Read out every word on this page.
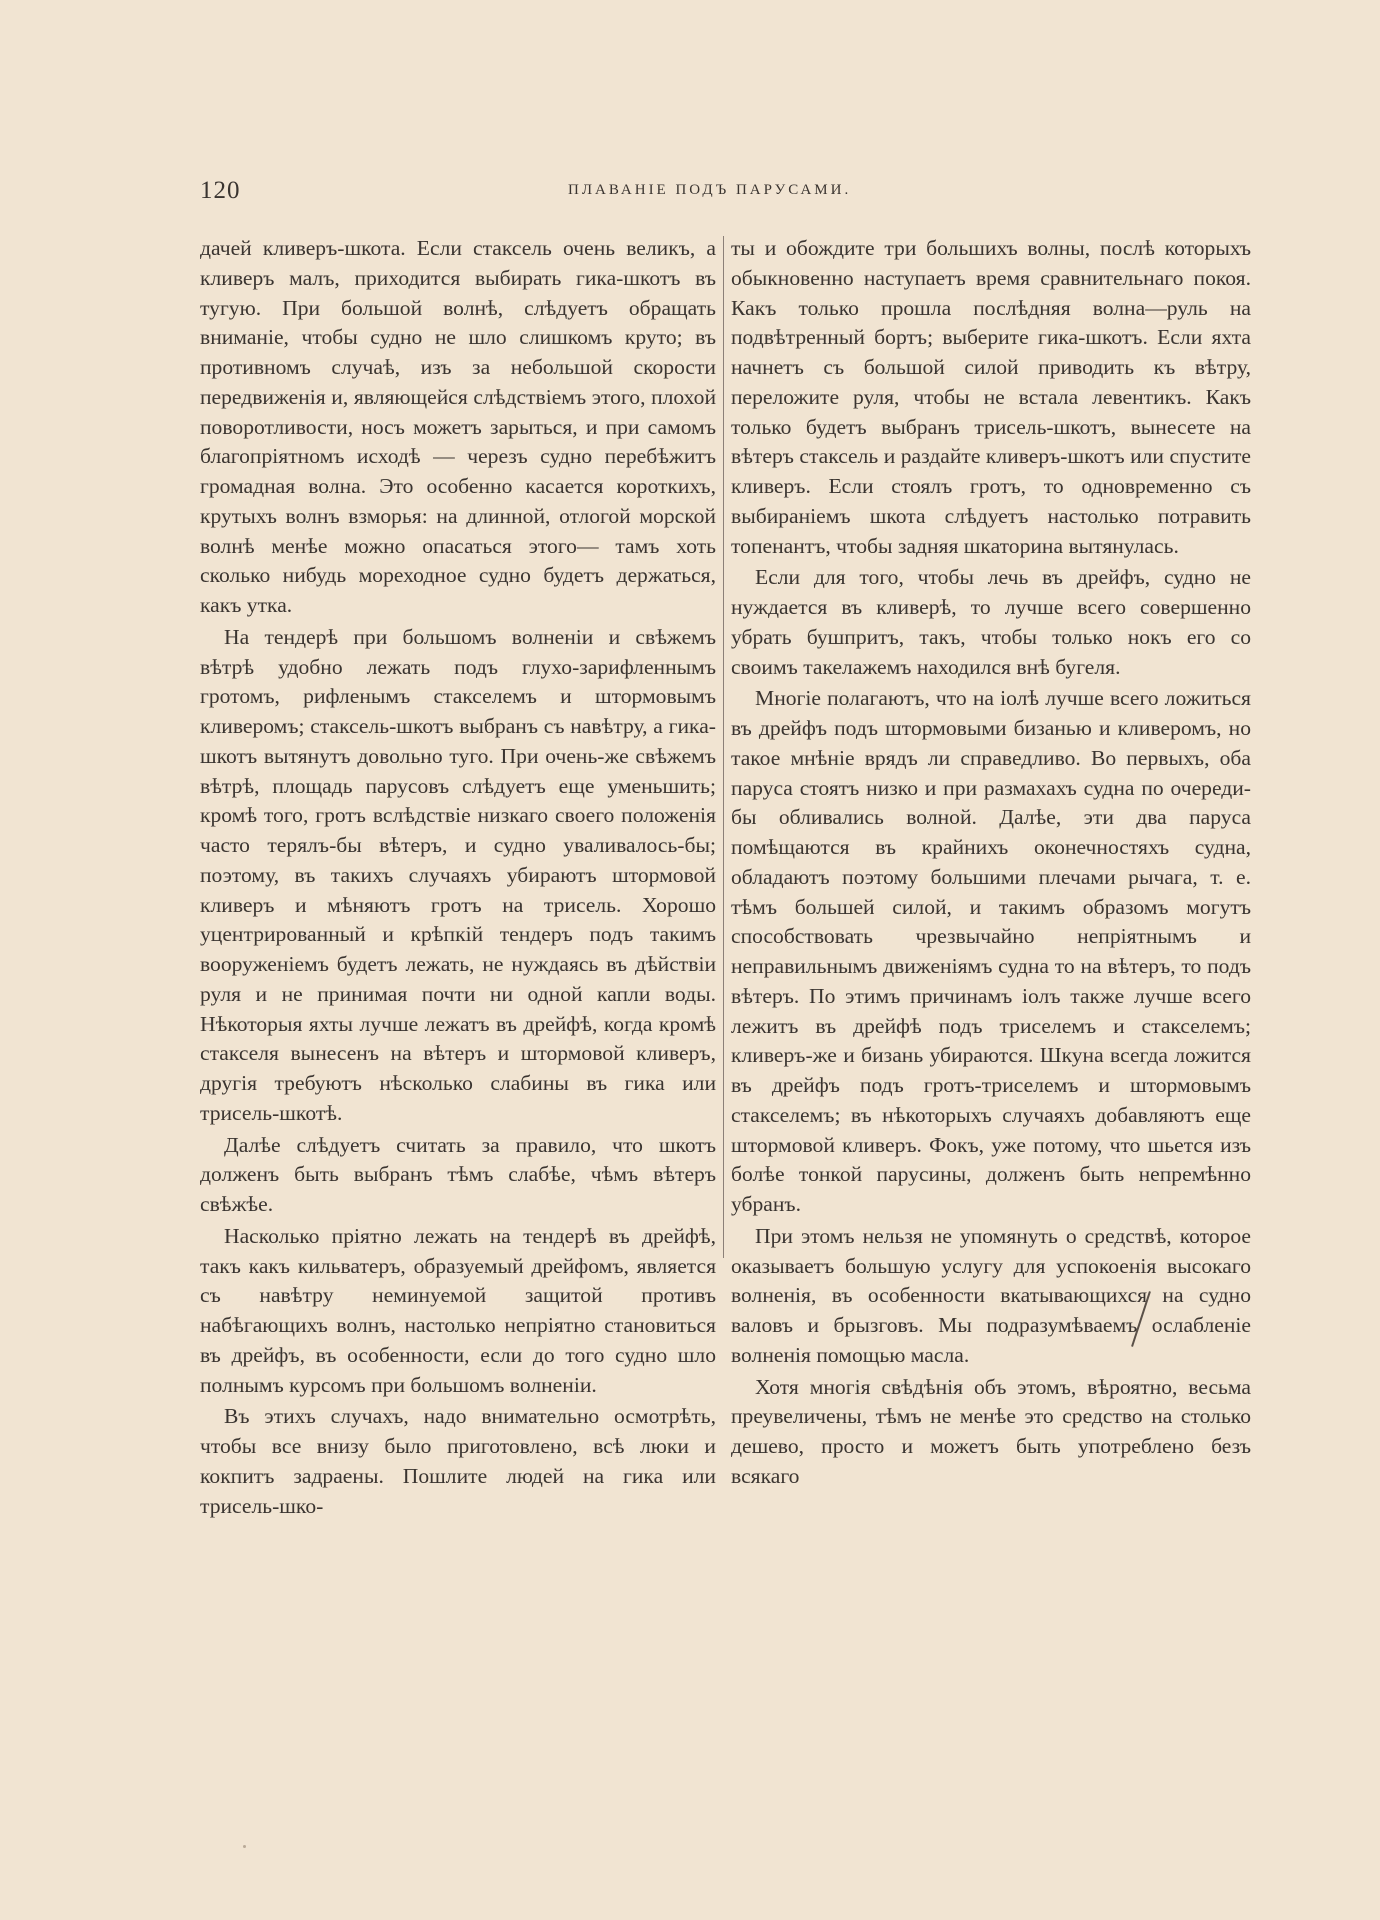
120	ПЛАВАНІЕ ПОДЪ ПАРУСАМИ.

дачей кливеръ-шкота. Если стаксель очень великъ, а кливеръ малъ, приходится выбирать гика-шкотъ въ тугую. При большой волнѣ, слѣдуетъ обращать вниманіе, чтобы судно не шло слишкомъ круто; въ противномъ случаѣ, изъ за небольшой скорости передвиженія и, являющейся слѣдствіемъ этого, плохой поворотливости, носъ можетъ зарыться, и при самомъ благопріятномъ исходѣ — черезъ судно перебѣжитъ громадная волна. Это особенно касается короткихъ, крутыхъ волнъ взморья: на длинной, отлогой морской волнѣ менѣе можно опасаться этого— тамъ хоть сколько нибудь мореходное судно будетъ держаться, какъ утка.

На тендерѣ при большомъ волненіи и свѣжемъ вѣтрѣ удобно лежать подъ глухо-зарифленнымъ гротомъ, рифленымъ стакселемъ и штормовымъ кливеромъ; стаксель-шкотъ выбранъ съ навѣтру, а гика-шкотъ вытянутъ довольно туго. При очень-же свѣжемъ вѣтрѣ, площадь парусовъ слѣдуетъ еще уменьшить; кромѣ того, гротъ вслѣдствіе низкаго своего положенія часто терялъ-бы вѣтеръ, и судно уваливалось-бы; поэтому, въ такихъ случаяхъ убираютъ штормовой кливеръ и мѣняютъ гротъ на трисель. Хорошо уцентрированный и крѣпкій тендеръ подъ такимъ вооруженіемъ будетъ лежать, не нуждаясь въ дѣйствіи руля и не принимая почти ни одной капли воды. Нѣкоторыя яхты лучше лежатъ въ дрейфѣ, когда кромѣ стакселя вынесенъ на вѣтеръ и штормовой кливеръ, другія требуютъ нѣсколько слабины въ гика или трисель-шкотѣ.

Далѣе слѣдуетъ считать за правило, что шкотъ долженъ быть выбранъ тѣмъ слабѣе, чѣмъ вѣтеръ свѣжѣе.

Насколько пріятно лежать на тендерѣ въ дрейфѣ, такъ какъ кильватеръ, образуемый дрейфомъ, является съ навѣтру неминуемой защитой противъ набѣгающихъ волнъ, настолько непріятно становиться въ дрейфъ, въ особенности, если до того судно шло полнымъ курсомъ при большомъ волненіи.

Въ этихъ случахъ, надо внимательно осмотрѣть, чтобы все внизу было приготовлено, всѣ люки и кокпитъ задраены. Пошлите людей на гика или трисель-шко-

ты и обождите три большихъ волны, послѣ которыхъ обыкновенно наступаетъ время сравнительнаго покоя. Какъ только прошла послѣдняя волна—руль на подвѣтренный бортъ; выберите гика-шкотъ. Если яхта начнетъ съ большой силой приводить къ вѣтру, переложите руля, чтобы не встала левентикъ. Какъ только будетъ выбранъ трисель-шкотъ, вынесете на вѣтеръ стаксель и раздайте кливеръ-шкотъ или спустите кливеръ. Если стоялъ гротъ, то одновременно съ выбираніемъ шкота слѣдуетъ настолько потравить топенантъ, чтобы задняя шкаторина вытянулась.

Если для того, чтобы лечь въ дрейфъ, судно не нуждается въ кливерѣ, то лучше всего совершенно убрать бушпритъ, такъ, чтобы только нокъ его со своимъ такелажемъ находился внѣ бугеля.

Многіе полагаютъ, что на іолѣ лучше всего ложиться въ дрейфъ подъ штормовыми бизанью и кливеромъ, но такое мнѣніе врядъ ли справедливо. Во первыхъ, оба паруса стоятъ низко и при размахахъ судна по очереди-бы обливались волной. Далѣе, эти два паруса помѣщаются въ крайнихъ оконечностяхъ судна, обладаютъ поэтому большими плечами рычага, т. е. тѣмъ большей силой, и такимъ образомъ могутъ способствовать чрезвычайно непріятнымъ и неправильнымъ движеніямъ судна то на вѣтеръ, то подъ вѣтеръ. По этимъ причинамъ іолъ также лучше всего лежитъ въ дрейфѣ подъ триселемъ и стакселемъ; кливеръ-же и бизань убираются. Шкуна всегда ложится въ дрейфъ подъ гротъ-триселемъ и штормовымъ стакселемъ; въ нѣкоторыхъ случаяхъ добавляютъ еще штормовой кливеръ. Фокъ, уже потому, что шьется изъ болѣе тонкой парусины, долженъ быть непремѣнно убранъ.

При этомъ нельзя не упомянуть о средствѣ, которое оказываетъ большую услугу для успокоенія высокаго волненія, въ особенности вкатывающихся на судно валовъ и брызговъ. Мы подразумѣваемъ ослабленіе волненія помощью масла.

Хотя многія свѣдѣнія объ этомъ, вѣроятно, весьма преувеличены, тѣмъ не менѣе это средство на столько дешево, просто и можетъ быть употреблено безъ всякаго
